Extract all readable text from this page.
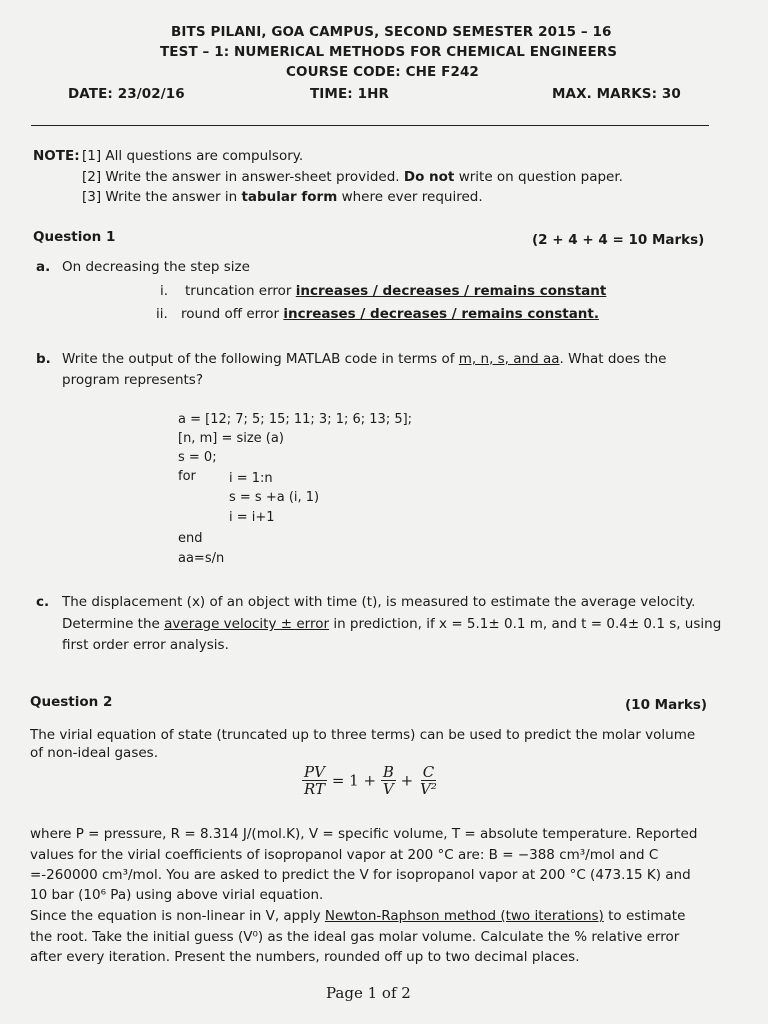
BITS PILANI, GOA CAMPUS, SECOND SEMESTER 2015 – 16
TEST – 1: NUMERICAL METHODS FOR CHEMICAL ENGINEERS
COURSE CODE: CHE F242
DATE: 23/02/16	TIME: 1HR	MAX. MARKS: 30
NOTE: [1] All questions are compulsory.
[2] Write the answer in answer-sheet provided. Do not write on question paper.
[3] Write the answer in tabular form where ever required.
Question 1	(2 + 4 + 4 = 10 Marks)
a. On decreasing the step size
i. truncation error increases / decreases / remains constant
ii. round off error increases / decreases / remains constant.
b. Write the output of the following MATLAB code in terms of m, n, s, and aa. What does the
program represents?
a = [12; 7; 5; 15; 11; 3; 1; 6; 13; 5];
[n, m] = size (a)
s = 0;
for	i = 1:n
s = s +a (i, 1)
i = i+1
end
aa=s/n
c. The displacement (x) of an object with time (t), is measured to estimate the average velocity.
Determine the average velocity ± error in prediction, if x = 5.1± 0.1 m, and t = 0.4± 0.1 s, using
first order error analysis.
Question 2	(10 Marks)
The virial equation of state (truncated up to three terms) can be used to predict the molar volume
of non-ideal gases.
$\frac{PV}{RT} = 1 + \frac{B}{V} + \frac{C}{\text{V²}}$
where P = pressure, R = 8.314 J/(mol.K), V = specific volume, T = absolute temperature. Reported
values for the virial coefficients of isopropanol vapor at 200 °C are: B = −388 cm³/mol and C
=-260000 cm³/mol. You are asked to predict the V for isopropanol vapor at 200 °C (473.15 K) and
10 bar (10⁶ Pa) using above virial equation.
Since the equation is non-linear in V, apply Newton-Raphson method (two iterations) to estimate
the root. Take the initial guess (V⁰) as the ideal gas molar volume. Calculate the % relative error
after every iteration. Present the numbers, rounded off up to two decimal places.
Page 1 of 2
